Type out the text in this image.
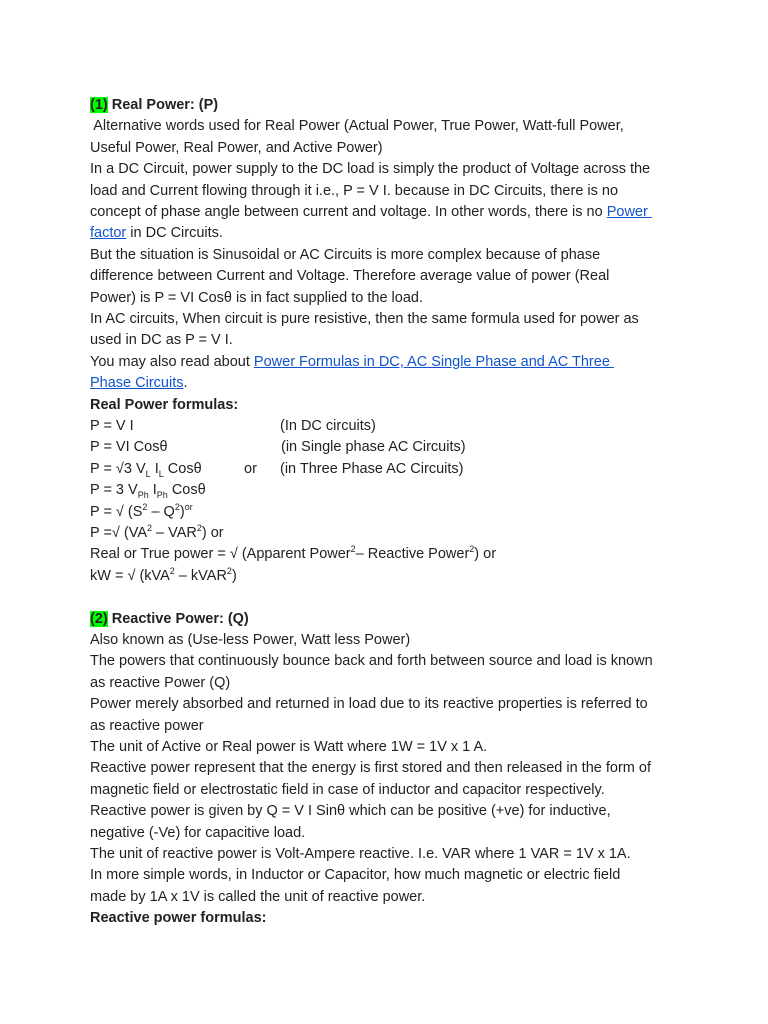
(1) Real Power: (P)

Alternative words used for Real Power (Actual Power, True Power, Watt-full Power,

Useful Power, Real Power, and Active Power)

In a DC Circuit, power supply to the DC load is simply the product of Voltage across the

load and Current flowing through it i.e., P = V I. because in DC Circuits, there is no

concept of phase angle between current and voltage. In other words, there is no Power

factor in DC Circuits.

But the situation is Sinusoidal or AC Circuits is more complex because of phase

difference between Current and Voltage. Therefore average value of power (Real

Power) is P = VI Cosθ is in fact supplied to the load.

In AC circuits, When circuit is pure resistive, then the same formula used for power as

used in DC as P = V I.

You may also read about Power Formulas in DC, AC Single Phase and AC Three

Phase Circuits.

Real Power formulas:

P = V I	(In DC circuits)
P = VI Cosθ	(in Single phase AC Circuits)
P = √3 $V_L$ $I_L$ Cosθ	or (in Three Phase AC Circuits)
P = 3 $V_{Ph}$ $I_{Ph}$ Cosθ
P = √ $(S^2 - Q^2)^{or}$
P =√ $(VA^2 - VAR^2)$ or
Real or True power = √ (Apparent Power$^2$– Reactive Power$^2$) or
kW = √ (kVA$^2$ – kVAR$^2$)

(2) Reactive Power: (Q)

Also known as (Use-less Power, Watt less Power)

The powers that continuously bounce back and forth between source and load is known

as reactive Power (Q)

Power merely absorbed and returned in load due to its reactive properties is referred to

as reactive power

The unit of Active or Real power is Watt where 1W = 1V x 1 A.

Reactive power represent that the energy is first stored and then released in the form of

magnetic field or electrostatic field in case of inductor and capacitor respectively.

Reactive power is given by Q = V I Sinθ which can be positive (+ve) for inductive,

negative (-Ve) for capacitive load.

The unit of reactive power is Volt-Ampere reactive. I.e. VAR where 1 VAR = 1V x 1A.

In more simple words, in Inductor or Capacitor, how much magnetic or electric field

made by 1A x 1V is called the unit of reactive power.

Reactive power formulas:
